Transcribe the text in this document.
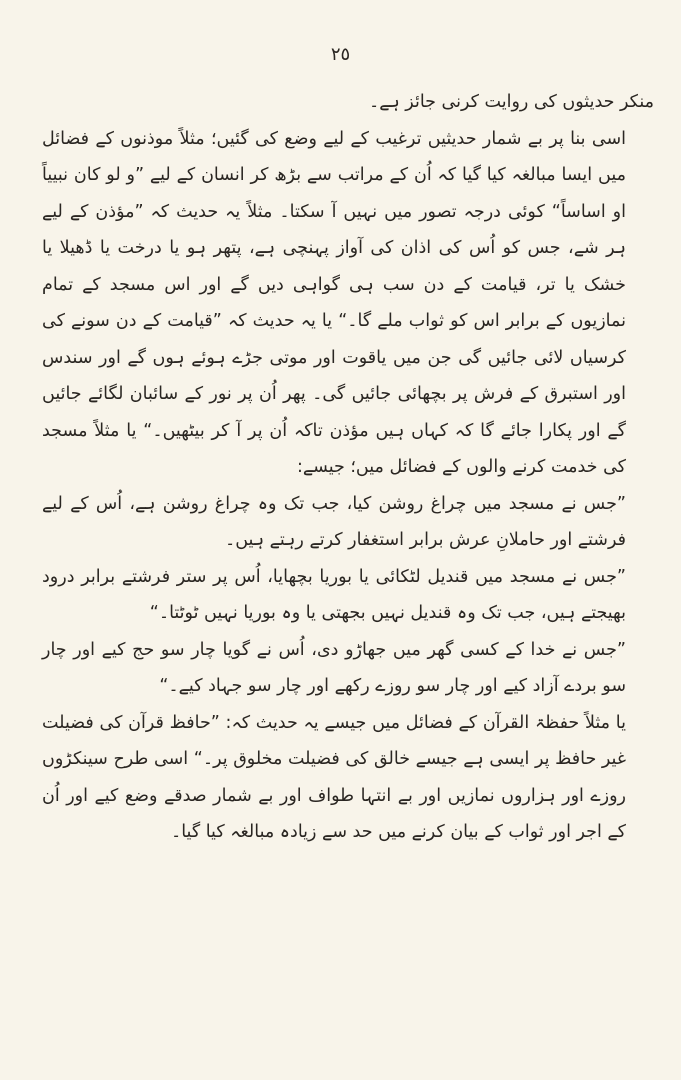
٢٥

منکر حدیثوں کی روایت کرنی جائز ہے۔

اسی بنا پر بے شمار حدیثیں ترغیب کے لیے وضع کی گئیں؛ مثلاً موذنوں کے فضائل میں ایسا مبالغہ کیا گیا کہ اُن کے مراتب سے بڑھ کر انسان کے لیے ”و لو کان نبییاً او اساساً“ کوئی درجہ تصور میں نہیں آ سکتا۔ مثلاً یہ حدیث کہ ”مؤذن کے لیے ہر شے، جس کو اُس کی اذان کی آواز پہنچی ہے، پتھر ہو یا درخت یا ڈھیلا یا خشک یا تر، قیامت کے دن سب ہی گواہی دیں گے اور اس مسجد کے تمام نمازیوں کے برابر اس کو ثواب ملے گا۔“ یا یہ حدیث کہ ”قیامت کے دن سونے کی کرسیاں لائی جائیں گی جن میں یاقوت اور موتی جڑے ہوئے ہوں گے اور سندس اور استبرق کے فرش پر بچھائی جائیں گی۔ پھر اُن پر نور کے سائبان لگائے جائیں گے اور پکارا جائے گا کہ کہاں ہیں مؤذن تاکہ اُن پر آ کر بیٹھیں۔“ یا مثلاً مسجد کی خدمت کرنے والوں کے فضائل میں؛ جیسے:

”جس نے مسجد میں چراغ روشن کیا، جب تک وہ چراغ روشن ہے، اُس کے لیے فرشتے اور حاملانِ عرش برابر استغفار کرتے رہتے ہیں۔

”جس نے مسجد میں قندیل لٹکائی یا بوریا بچھایا، اُس پر ستر فرشتے برابر درود بھیجتے ہیں، جب تک وہ قندیل نہیں بجھتی یا وہ بوریا نہیں ٹوٹتا۔“

”جس نے خدا کے کسی گھر میں جھاڑو دی، اُس نے گویا چار سو حج کیے اور چار سو بردے آزاد کیے اور چار سو روزے رکھے اور چار سو جہاد کیے۔“

یا مثلاً حفظۃ القرآن کے فضائل میں جیسے یہ حدیث کہ: ”حافظ قرآن کی فضیلت غیر حافظ پر ایسی ہے جیسے خالق کی فضیلت مخلوق پر۔“ اسی طرح سینکڑوں روزے اور ہزاروں نمازیں اور بے انتہا طواف اور بے شمار صدقے وضع کیے اور اُن کے اجر اور ثواب کے بیان کرنے میں حد سے زیادہ مبالغہ کیا گیا۔
